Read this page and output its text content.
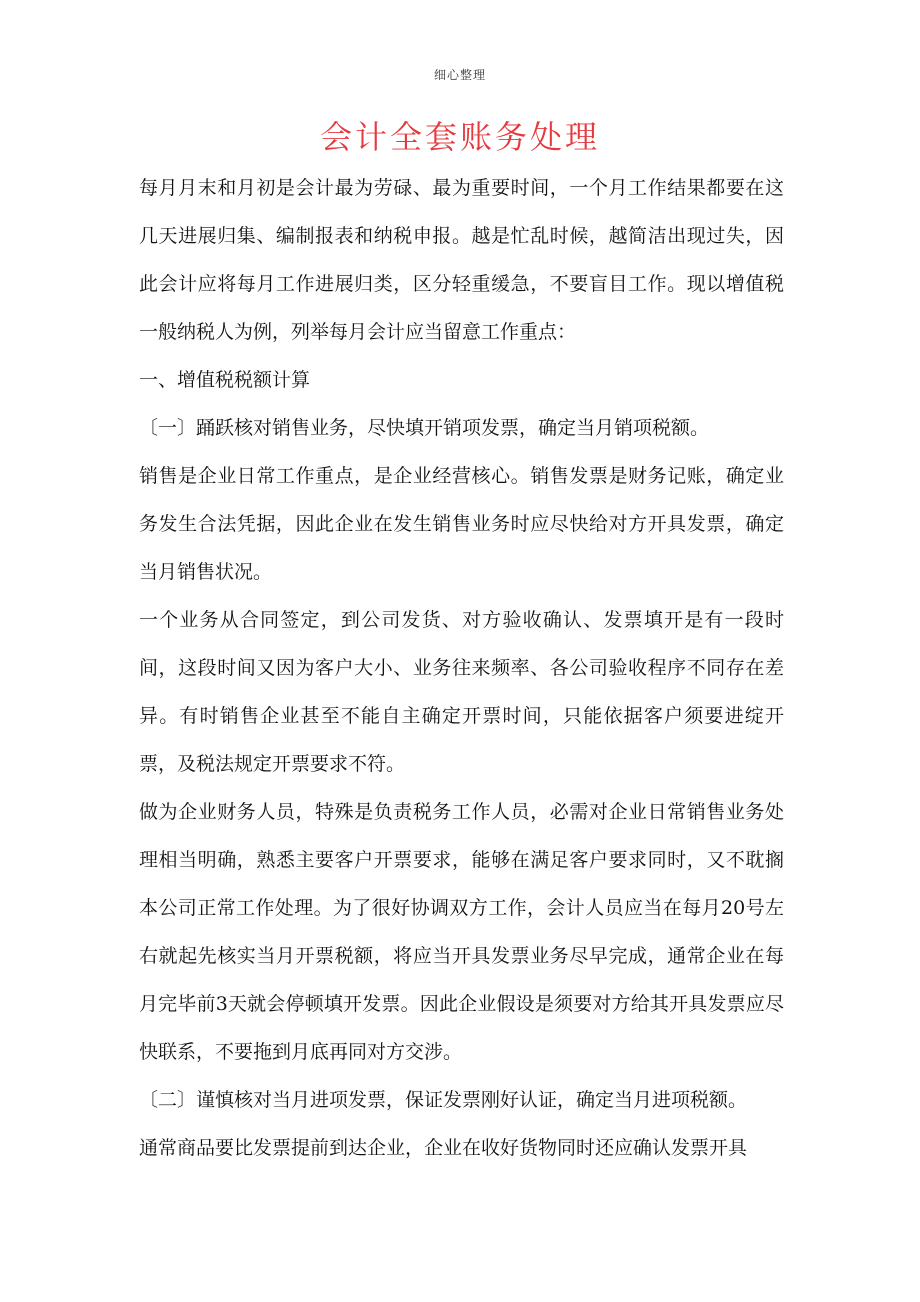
细心整理
会计全套账务处理

每月月末和月初是会计最为劳碌、最为重要时间，一个月工作结果都要在这几天进展归集、编制报表和纳税申报。越是忙乱时候，越简洁出现过失，因此会计应将每月工作进展归类，区分轻重缓急，不要盲目工作。现以增值税一般纳税人为例，列举每月会计应当留意工作重点：

一、增值税税额计算

〔一〕踊跃核对销售业务，尽快填开销项发票，确定当月销项税额。

销售是企业日常工作重点，是企业经营核心。销售发票是财务记账，确定业务发生合法凭据，因此企业在发生销售业务时应尽快给对方开具发票，确定当月销售状况。

一个业务从合同签定，到公司发货、对方验收确认、发票填开是有一段时间，这段时间又因为客户大小、业务往来频率、各公司验收程序不同存在差异。有时销售企业甚至不能自主确定开票时间，只能依据客户须要进绽开票，及税法规定开票要求不符。

做为企业财务人员，特殊是负责税务工作人员，必需对企业日常销售业务处理相当明确，熟悉主要客户开票要求，能够在满足客户要求同时，又不耽搁本公司正常工作处理。为了很好协调双方工作，会计人员应当在每月20号左右就起先核实当月开票税额，将应当开具发票业务尽早完成，通常企业在每月完毕前3天就会停顿填开发票。因此企业假设是须要对方给其开具发票应尽快联系，不要拖到月底再同对方交涉。

〔二〕谨慎核对当月进项发票，保证发票刚好认证，确定当月进项税额。

通常商品要比发票提前到达企业，企业在收好货物同时还应确认发票开具
